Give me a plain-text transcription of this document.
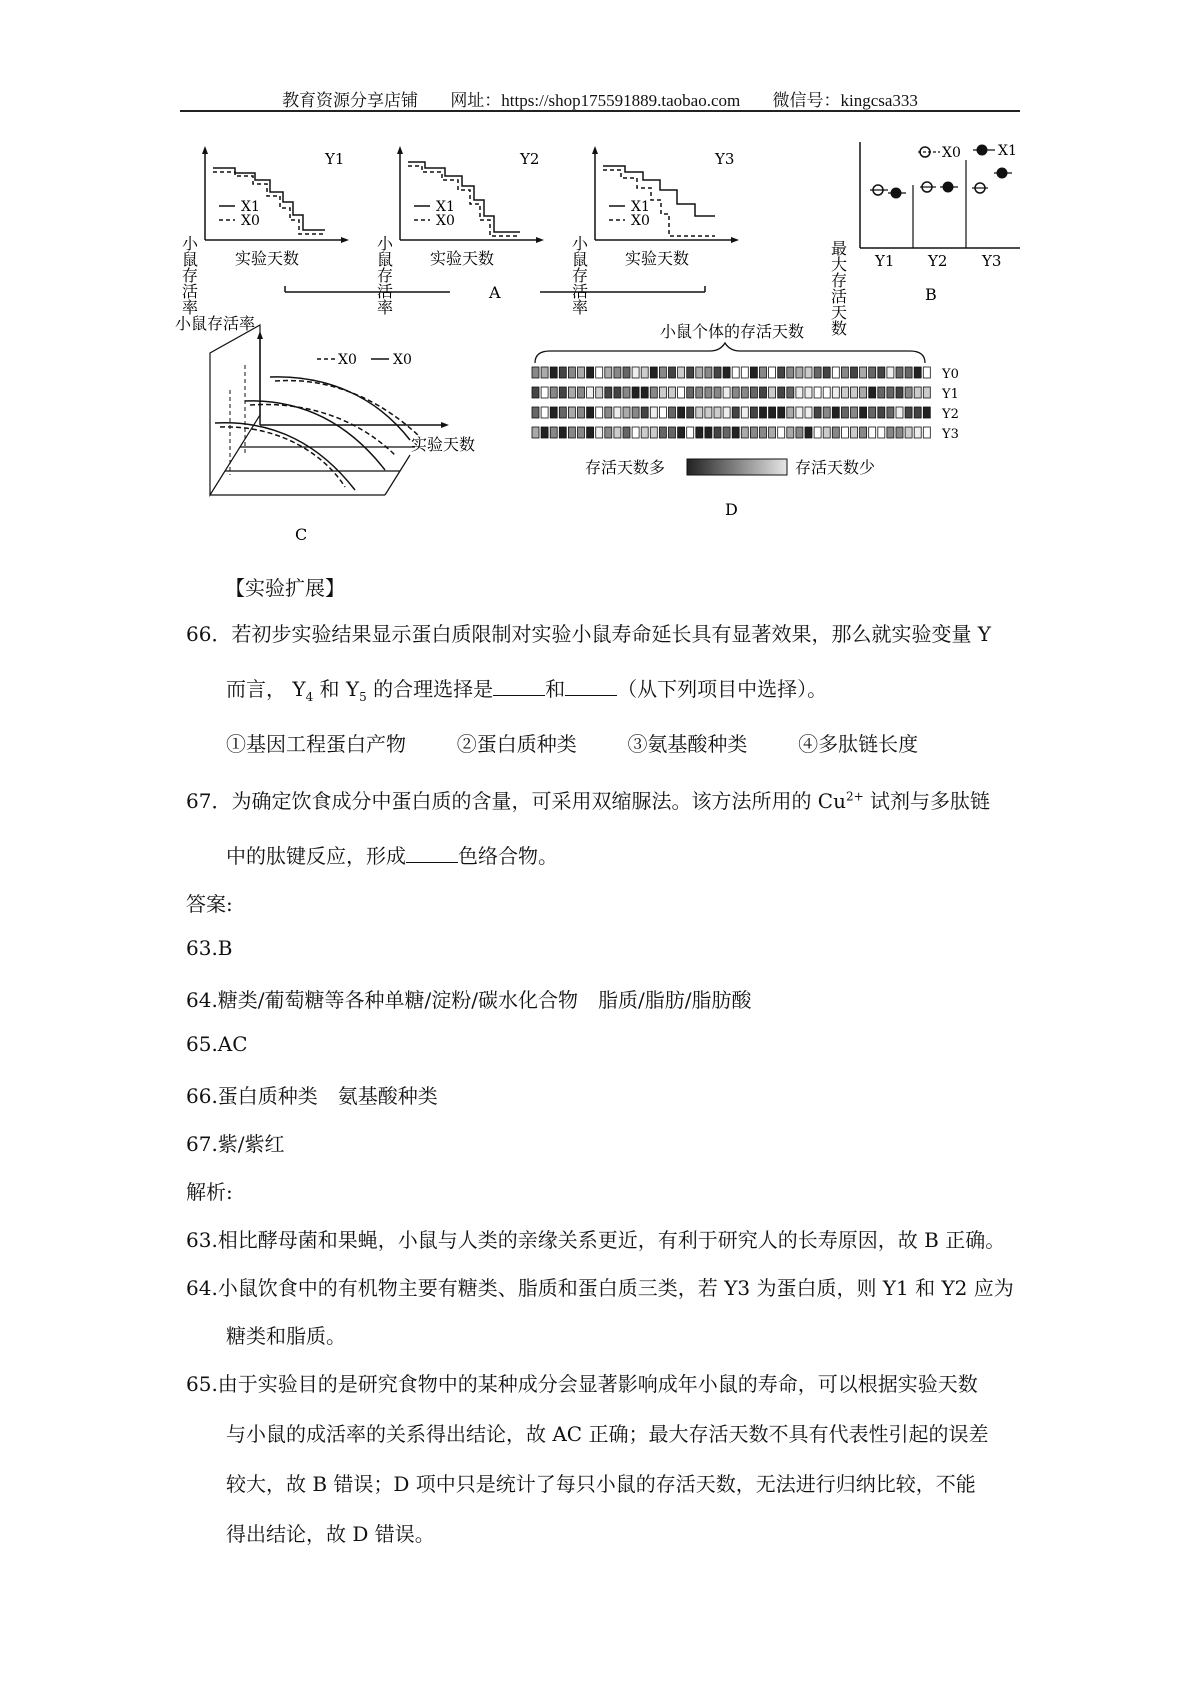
教育资源分享店铺 网址：https://shop175591889.taobao.com 微信号：kingcsa333
小鼠存活率
X1
X0
Y1
实验天数	小鼠存活率
X1
X0
Y2
实验天数	小鼠存活率
X1
X0
Y3
实验天数
A	最大存活天数
X0	X1
Y1 Y2 Y3
B
小鼠存活率
X0	X0
实验天数
C
小鼠个体的存活天数
Y0
Y1
Y2
Y3
存活天数多	存活天数少
D
【实验扩展】
66．若初步实验结果显示蛋白质限制对实验小鼠寿命延长具有显著效果，那么就实验变量 Y
而言， $Y_4$ 和 $Y_5$ 的合理选择是	和	（从下列项目中选择）。
①基因工程蛋白产物	②蛋白质种类	③氨基酸种类	④多肽链长度
67．为确定饮食成分中蛋白质的含量，可采用双缩脲法。该方法所用的 $Cu^{2+}$ 试剂与多肽链
中的肽键反应，形成	色络合物。
答案:
63.B
64.糖类/葡萄糖等各种单糖/淀粉/碳水化合物　脂质/脂肪/脂肪酸
65.AC
66.蛋白质种类　氨基酸种类
67.紫/紫红
解析:
63.相比酵母菌和果蝇，小鼠与人类的亲缘关系更近，有利于研究人的长寿原因，故 B 正确。
64.小鼠饮食中的有机物主要有糖类、脂质和蛋白质三类，若 Y3 为蛋白质，则 Y1 和 Y2 应为
糖类和脂质。
65.由于实验目的是研究食物中的某种成分会显著影响成年小鼠的寿命，可以根据实验天数
与小鼠的成活率的关系得出结论，故 AC 正确；最大存活天数不具有代表性引起的误差
较大，故 B 错误；D 项中只是统计了每只小鼠的存活天数，无法进行归纳比较，不能
得出结论，故 D 错误。
